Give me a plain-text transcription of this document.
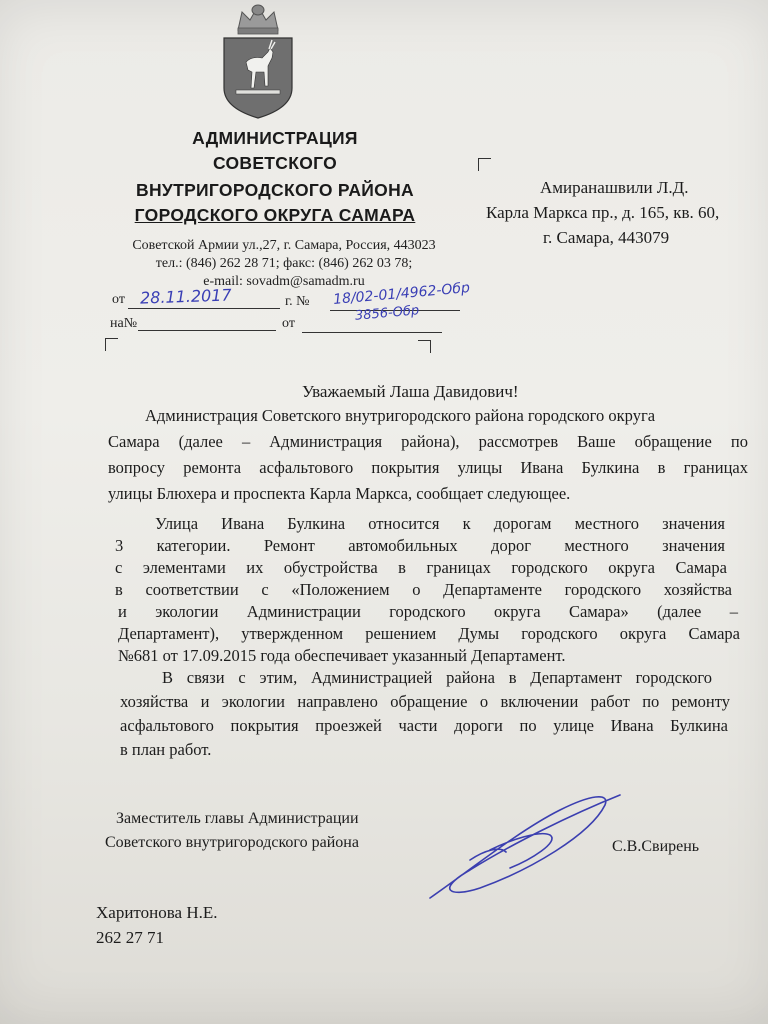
АДМИНИСТРАЦИЯ
СОВЕТСКОГО
ВНУТРИГОРОДСКОГО РАЙОНА
ГОРОДСКОГО ОКРУГА САМАРА
Советской Армии ул.,27, г. Самара, Россия, 443023
тел.: (846) 262 28 71; факс: (846) 262 03 78;
e-mail: sovadm@samadm.ru
от 28.11.2017	г. № 18/02-01/4962-Обр
на№	от	3856-Обр
Амиранашвили Л.Д.
Карла Маркса пр., д. 165, кв. 60,
г. Самара, 443079
Уважаемый Лаша Давидович!
Администрация Советского внутригородского района городского округа
Самара (далее – Администрация района), рассмотрев Ваше обращение по
вопросу ремонта асфальтового покрытия улицы Ивана Булкина в границах
улицы Блюхера и проспекта Карла Маркса, сообщает следующее.
Улица Ивана Булкина относится к дорогам местного значения
3 категории. Ремонт автомобильных дорог местного значения
с элементами их обустройства в границах городского округа Самара
в соответствии с «Положением о Департаменте городского хозяйства
и экологии Администрации городского округа Самара» (далее –
Департамент), утвержденном решением Думы городского округа Самара
№681 от 17.09.2015 года обеспечивает указанный Департамент.
В связи с этим, Администрацией района в Департамент городского
хозяйства и экологии направлено обращение о включении работ по ремонту
асфальтового покрытия проезжей части дороги по улице Ивана Булкина
в план работ.
Заместитель главы Администрации
Советского внутригородского района	С.В.Свирень
Харитонова Н.Е.
262 27 71
